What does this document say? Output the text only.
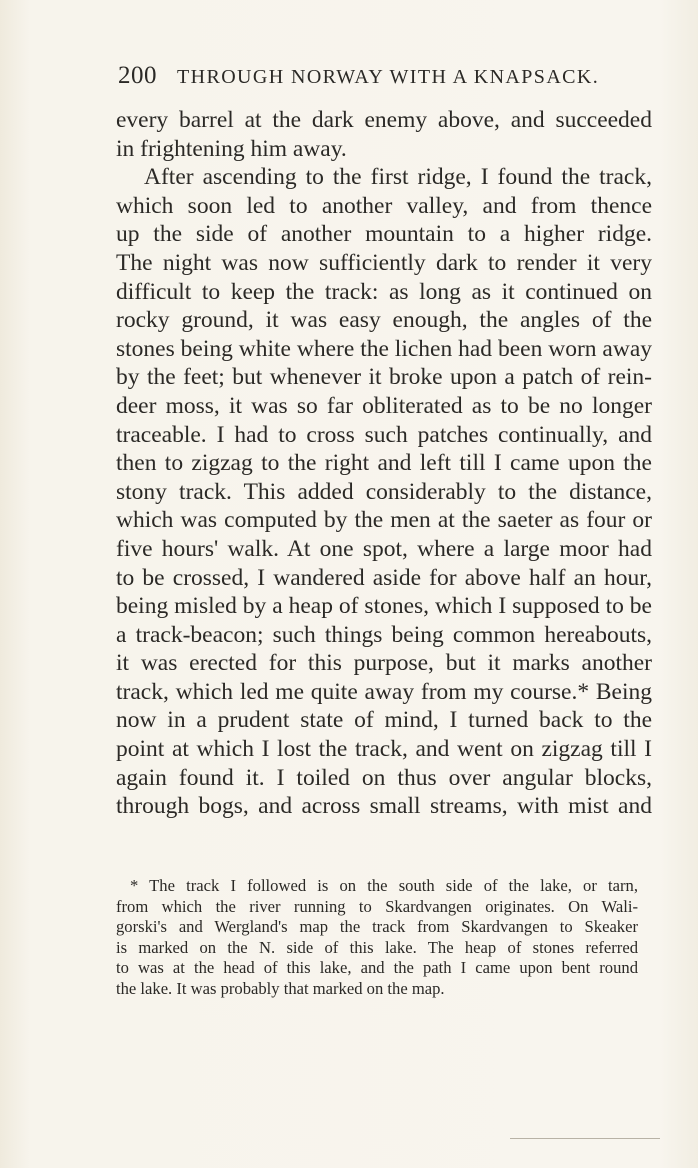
200 THROUGH NORWAY WITH A KNAPSACK.
every barrel at the dark enemy above, and succeeded
in frightening him away.
After ascending to the first ridge, I found the track,
which soon led to another valley, and from thence
up the side of another mountain to a higher ridge.
The night was now sufficiently dark to render it very
difficult to keep the track: as long as it continued on
rocky ground, it was easy enough, the angles of the
stones being white where the lichen had been worn away
by the feet; but whenever it broke upon a patch of rein-
deer moss, it was so far obliterated as to be no longer
traceable. I had to cross such patches continually, and
then to zigzag to the right and left till I came upon the
stony track. This added considerably to the distance,
which was computed by the men at the saeter as four or
five hours' walk. At one spot, where a large moor had
to be crossed, I wandered aside for above half an hour,
being misled by a heap of stones, which I supposed to be
a track-beacon; such things being common hereabouts,
it was erected for this purpose, but it marks another
track, which led me quite away from my course.* Being
now in a prudent state of mind, I turned back to the
point at which I lost the track, and went on zigzag till I
again found it. I toiled on thus over angular blocks,
through bogs, and across small streams, with mist and
* The track I followed is on the south side of the lake, or tarn,
from which the river running to Skardvangen originates. On Wali-
gorski's and Wergland's map the track from Skardvangen to Skeaker
is marked on the N. side of this lake. The heap of stones referred
to was at the head of this lake, and the path I came upon bent round
the lake. It was probably that marked on the map.
